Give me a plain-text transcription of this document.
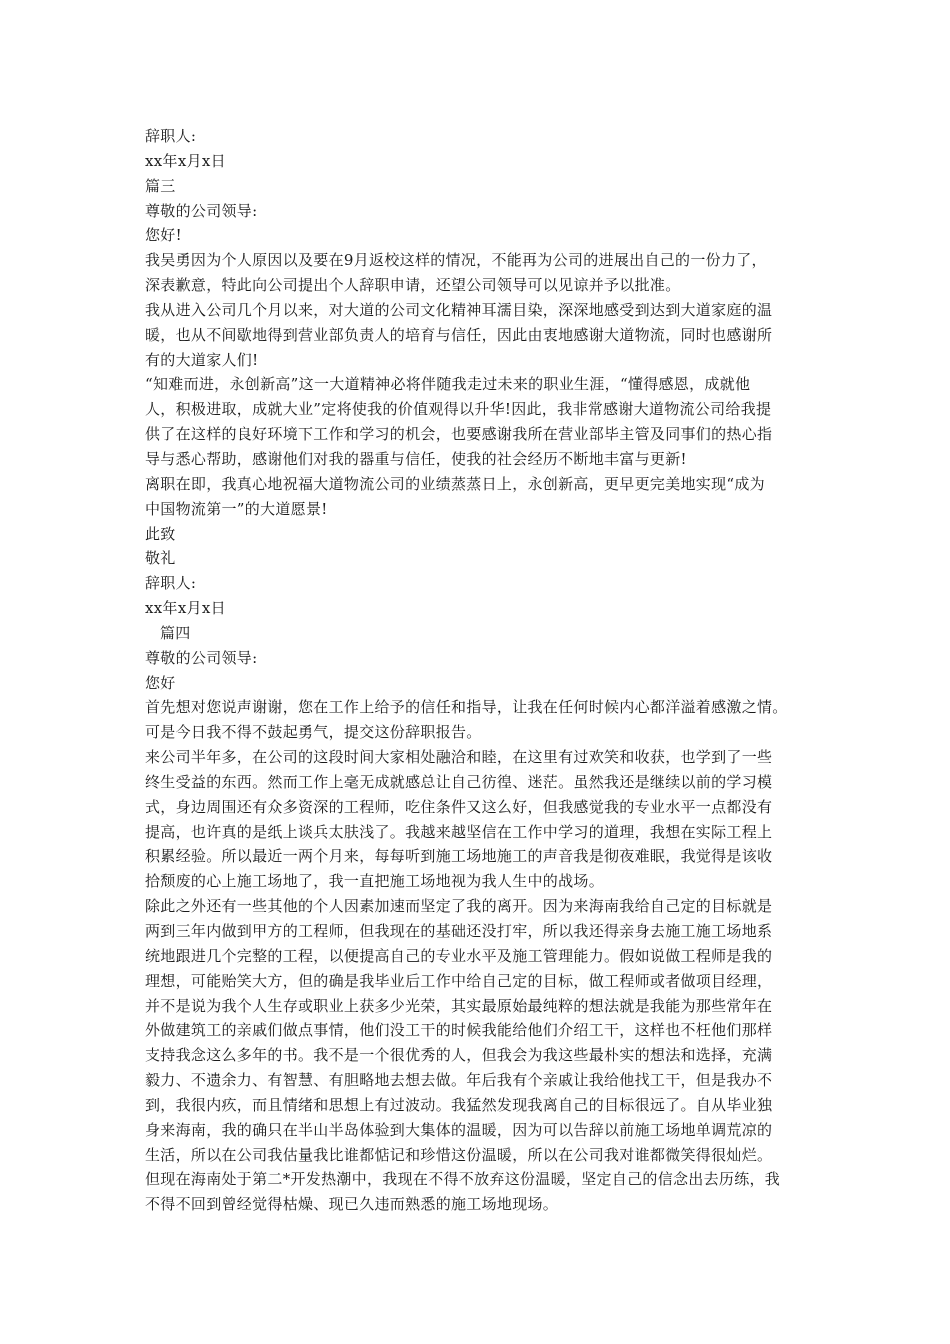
辞职人:
xx年x月x日
篇三
尊敬的公司领导:
您好!
我吴勇因为个人原因以及要在9月返校这样的情况，不能再为公司的进展出自己的一份力了，
深表歉意，特此向公司提出个人辞职申请，还望公司领导可以见谅并予以批准。
我从进入公司几个月以来，对大道的公司文化精神耳濡目染，深深地感受到达到大道家庭的温
暖，也从不间歇地得到营业部负责人的培育与信任，因此由衷地感谢大道物流，同时也感谢所
有的大道家人们!
“知难而进，永创新高”这一大道精神必将伴随我走过未来的职业生涯，“懂得感恩，成就他
人，积极进取，成就大业”定将使我的价值观得以升华!因此，我非常感谢大道物流公司给我提
供了在这样的良好环境下工作和学习的机会，也要感谢我所在营业部毕主管及同事们的热心指
导与悉心帮助，感谢他们对我的器重与信任，使我的社会经历不断地丰富与更新!
离职在即，我真心地祝福大道物流公司的业绩蒸蒸日上，永创新高，更早更完美地实现“成为
中国物流第一”的大道愿景!
此致
敬礼
辞职人:
xx年x月x日
篇四
尊敬的公司领导:
您好
首先想对您说声谢谢，您在工作上给予的信任和指导，让我在任何时候内心都洋溢着感激之情。
可是今日我不得不鼓起勇气，提交这份辞职报告。
来公司半年多，在公司的这段时间大家相处融洽和睦，在这里有过欢笑和收获，也学到了一些
终生受益的东西。然而工作上毫无成就感总让自己彷徨、迷茫。虽然我还是继续以前的学习模
式，身边周围还有众多资深的工程师，吃住条件又这么好，但我感觉我的专业水平一点都没有
提高，也许真的是纸上谈兵太肤浅了。我越来越坚信在工作中学习的道理，我想在实际工程上
积累经验。所以最近一两个月来，每每听到施工场地施工的声音我是彻夜难眠，我觉得是该收
拾颓废的心上施工场地了，我一直把施工场地视为我人生中的战场。
除此之外还有一些其他的个人因素加速而坚定了我的离开。因为来海南我给自己定的目标就是
两到三年内做到甲方的工程师，但我现在的基础还没打牢，所以我还得亲身去施工施工场地系
统地跟进几个完整的工程，以便提高自己的专业水平及施工管理能力。假如说做工程师是我的
理想，可能贻笑大方，但的确是我毕业后工作中给自己定的目标，做工程师或者做项目经理，
并不是说为我个人生存或职业上获多少光荣，其实最原始最纯粹的想法就是我能为那些常年在
外做建筑工的亲戚们做点事情，他们没工干的时候我能给他们介绍工干，这样也不枉他们那样
支持我念这么多年的书。我不是一个很优秀的人，但我会为我这些最朴实的想法和选择，充满
毅力、不遗余力、有智慧、有胆略地去想去做。年后我有个亲戚让我给他找工干，但是我办不
到，我很内疚，而且情绪和思想上有过波动。我猛然发现我离自己的目标很远了。自从毕业独
身来海南，我的确只在半山半岛体验到大集体的温暖，因为可以告辞以前施工场地单调荒凉的
生活，所以在公司我估量我比谁都惦记和珍惜这份温暖，所以在公司我对谁都微笑得很灿烂。
但现在海南处于第二*开发热潮中，我现在不得不放弃这份温暖，坚定自己的信念出去历练，我
不得不回到曾经觉得枯燥、现已久违而熟悉的施工场地现场。
